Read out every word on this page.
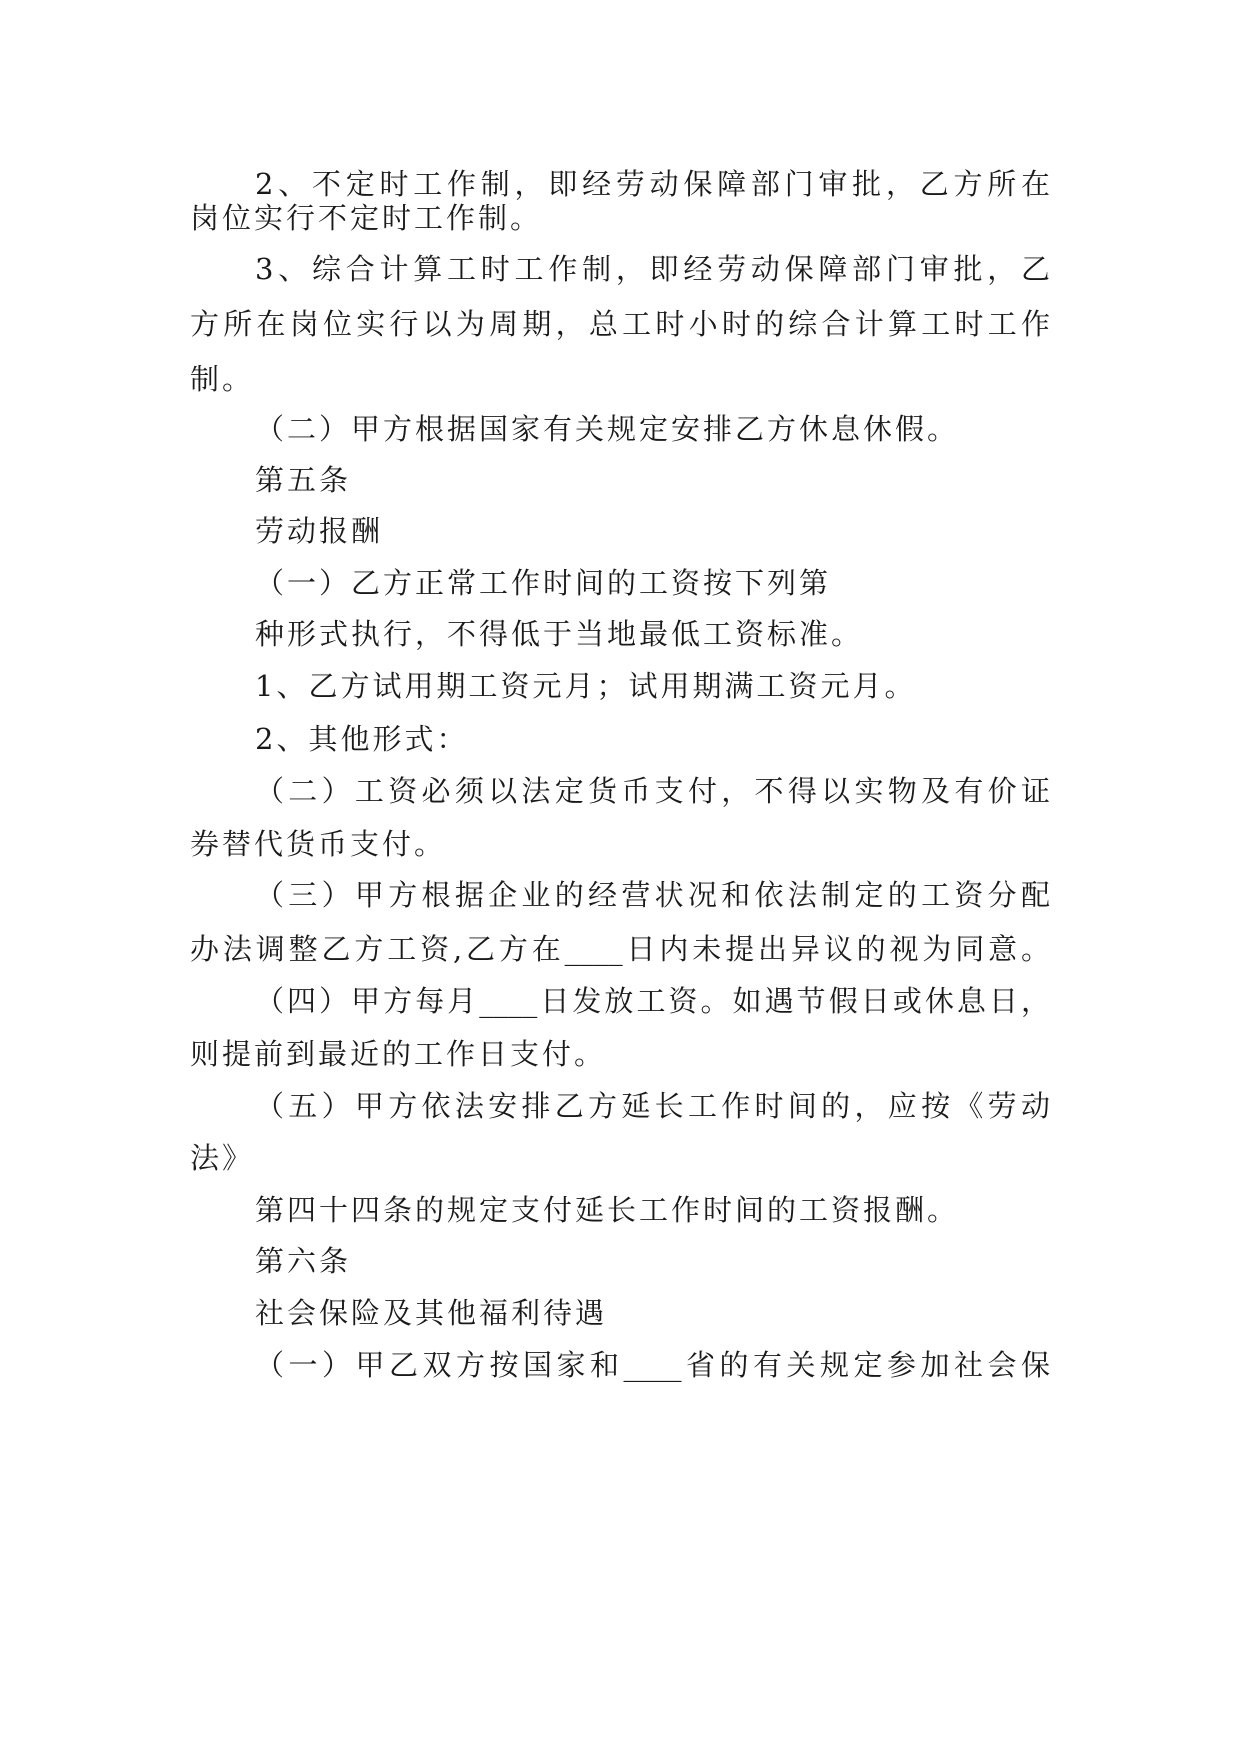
2、不定时工作制，即经劳动保障部门审批，乙方所在
岗位实行不定时工作制。
3、综合计算工时工作制，即经劳动保障部门审批，乙
方所在岗位实行以为周期，总工时小时的综合计算工时工作
制。
（二）甲方根据国家有关规定安排乙方休息休假。
第五条
劳动报酬
（一）乙方正常工作时间的工资按下列第
种形式执行，不得低于当地最低工资标准。
1、乙方试用期工资元月；试用期满工资元月。
2、其他形式：
（二）工资必须以法定货币支付，不得以实物及有价证
券替代货币支付。
（三）甲方根据企业的经营状况和依法制定的工资分配
办法调整乙方工资,乙方在____日内未提出异议的视为同意。
（四）甲方每月____日发放工资。如遇节假日或休息日，
则提前到最近的工作日支付。
（五）甲方依法安排乙方延长工作时间的，应按《劳动
法》
第四十四条的规定支付延长工作时间的工资报酬。
第六条
社会保险及其他福利待遇
（一）甲乙双方按国家和____省的有关规定参加社会保
